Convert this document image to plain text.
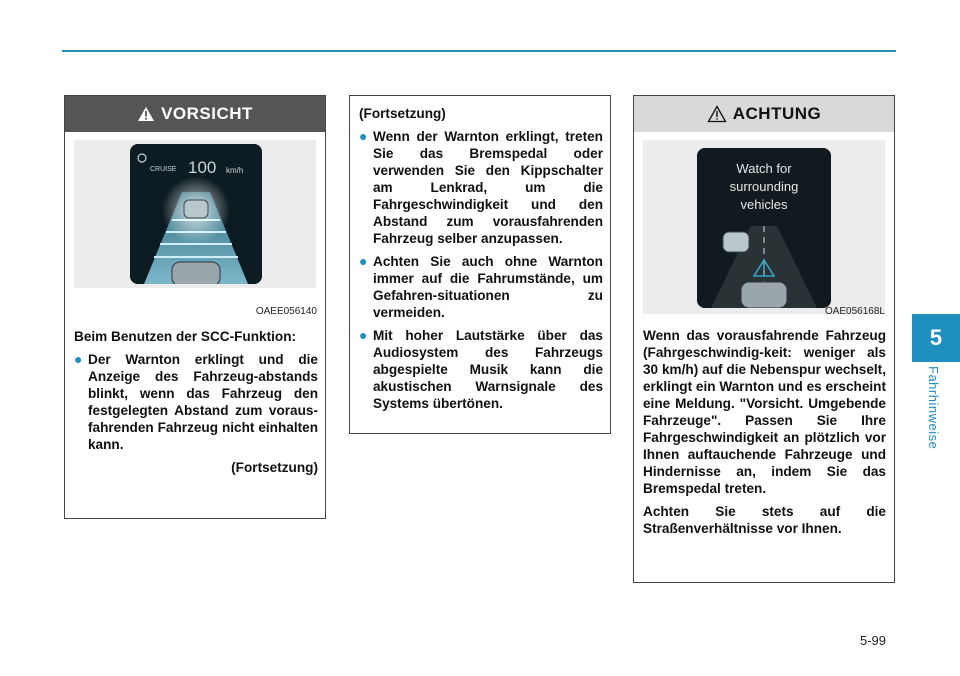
5
Fahrhinweise
VORSICHT
CRUISE 100 km/h
OAEE056140

Beim Benutzen der SCC-Funktion:

● Der Warnton erklingt und die Anzeige des Fahrzeug-abstands blinkt, wenn das Fahrzeug den festgelegten Abstand zum voraus-fahrenden Fahrzeug nicht einhalten kann.

(Fortsetzung)

(Fortsetzung)

● Wenn der Warnton erklingt, treten Sie das Bremspedal oder verwenden Sie den Kippschalter am Lenkrad, um die Fahrgeschwindigkeit und den Abstand zum vorausfahrenden Fahrzeug selber anzupassen.
● Achten Sie auch ohne Warnton immer auf die Fahrumstände, um Gefahren-situationen zu vermeiden.
● Mit hoher Lautstärke über das Audiosystem des Fahrzeugs abgespielte Musik kann die akustischen Warnsignale des Systems übertönen.
ACHTUNG
Watch for
surrounding
vehicles
OAE056168L

Wenn das vorausfahrende Fahrzeug (Fahrgeschwindig-keit: weniger als 30 km/h) auf die Nebenspur wechselt, erklingt ein Warnton und es erscheint eine Meldung. "Vorsicht. Umgebende Fahrzeuge". Passen Sie Ihre Fahrgeschwindigkeit an plötzlich vor Ihnen auftauchende Fahrzeuge und Hindernisse an, indem Sie das Bremspedal treten.

Achten Sie stets auf die Straßenverhältnisse vor Ihnen.

5-99
